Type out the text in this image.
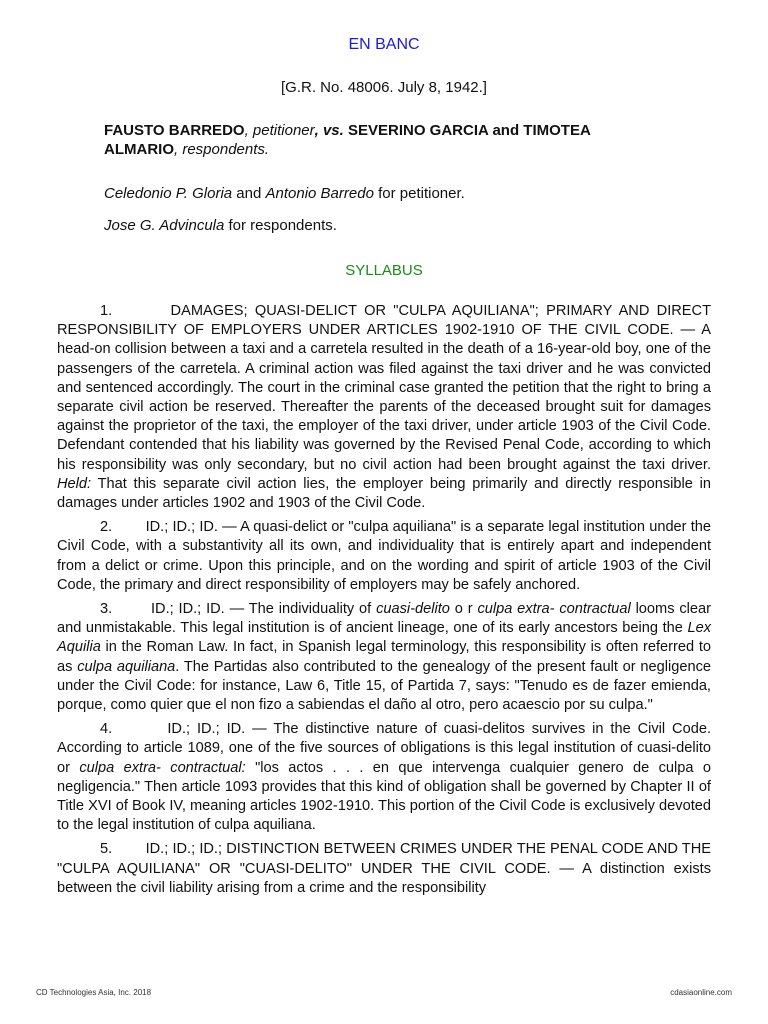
EN BANC
[G.R. No. 48006. July 8, 1942.]
FAUSTO BARREDO, petitioner, vs. SEVERINO GARCIA and TIMOTEA ALMARIO, respondents.
Celedonio P. Gloria and Antonio Barredo for petitioner.
Jose G. Advincula for respondents.
SYLLABUS

1.        DAMAGES; QUASI-DELICT OR "CULPA AQUILIANA"; PRIMARY AND DIRECT RESPONSIBILITY OF EMPLOYERS UNDER ARTICLES 1902-1910 OF THE CIVIL CODE. — A head-on collision between a taxi and a carretela resulted in the death of a 16-year-old boy, one of the passengers of the carretela. A criminal action was filed against the taxi driver and he was convicted and sentenced accordingly. The court in the criminal case granted the petition that the right to bring a separate civil action be reserved. Thereafter the parents of the deceased brought suit for damages against the proprietor of the taxi, the employer of the taxi driver, under article 1903 of the Civil Code. Defendant contended that his liability was governed by the Revised Penal Code, according to which his responsibility was only secondary, but no civil action had been brought against the taxi driver. Held: That this separate civil action lies, the employer being primarily and directly responsible in damages under articles 1902 and 1903 of the Civil Code.

2.        ID.; ID.; ID. — A quasi-delict or "culpa aquiliana" is a separate legal institution under the Civil Code, with a substantivity all its own, and individuality that is entirely apart and independent from a delict or crime. Upon this principle, and on the wording and spirit of article 1903 of the Civil Code, the primary and direct responsibility of employers may be safely anchored.

3.        ID.; ID.; ID. — The individuality of cuasi-delito o r culpa extra- contractual looms clear and unmistakable. This legal institution is of ancient lineage, one of its early ancestors being the Lex Aquilia in the Roman Law. In fact, in Spanish legal terminology, this responsibility is often referred to as culpa aquiliana. The Partidas also contributed to the genealogy of the present fault or negligence under the Civil Code: for instance, Law 6, Title 15, of Partida 7, says: "Tenudo es de fazer emienda, porque, como quier que el non fizo a sabiendas el daño al otro, pero acaescio por su culpa."

4.        ID.; ID.; ID. — The distinctive nature of cuasi-delitos survives in the Civil Code. According to article 1089, one of the five sources of obligations is this legal institution of cuasi-delito or culpa extra- contractual: "los actos . . . en que intervenga cualquier genero de culpa o negligencia." Then article 1093 provides that this kind of obligation shall be governed by Chapter II of Title XVI of Book IV, meaning articles 1902-1910. This portion of the Civil Code is exclusively devoted to the legal institution of culpa aquiliana.

5.        ID.; ID.; ID.; DISTINCTION BETWEEN CRIMES UNDER THE PENAL CODE AND THE "CULPA AQUILIANA" OR "CUASI-DELITO" UNDER THE CIVIL CODE. — A distinction exists between the civil liability arising from a crime and the responsibility

CD Technologies Asia, Inc. 2018	cdasiaonline.com
